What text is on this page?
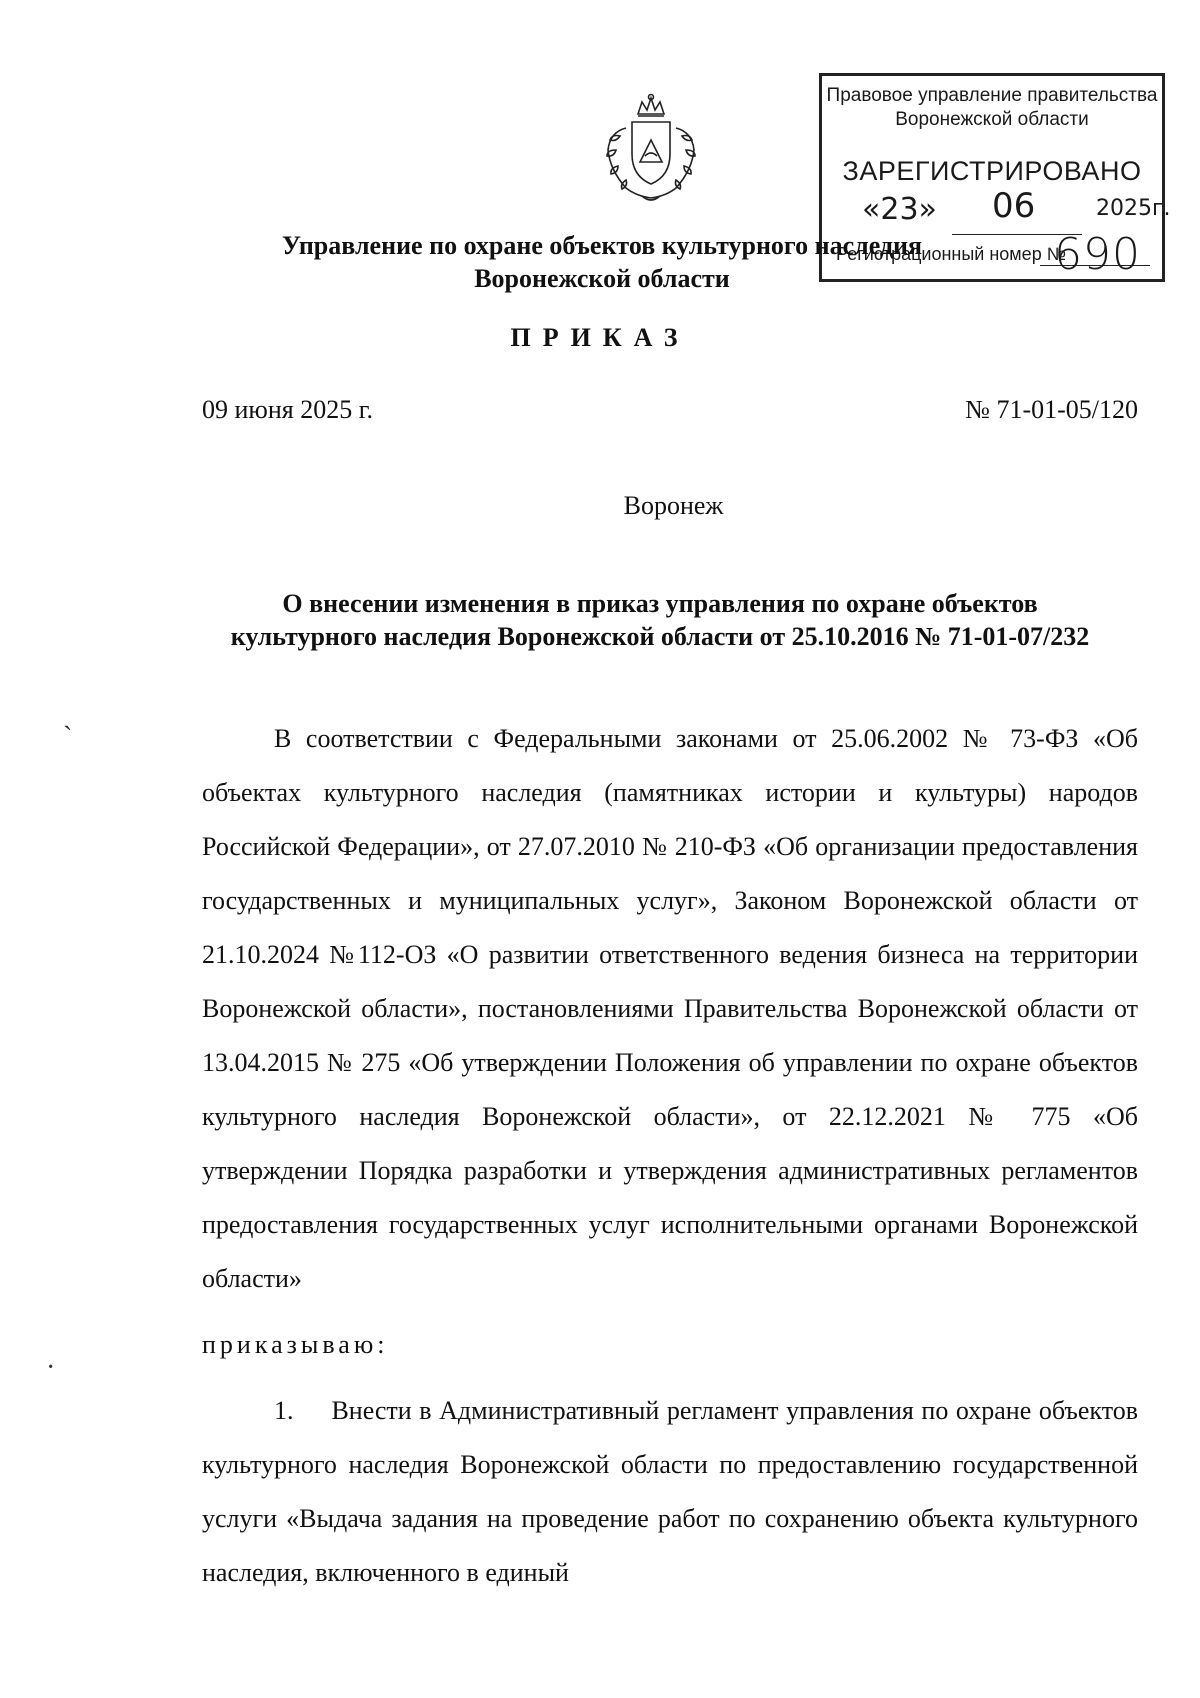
Правовое управление правительства
Воронежской области
ЗАРЕГИСТРИРОВАНО
«23» 06	2025г.
Регистрационный номер №
690
Управление по охране объектов культурного наследия
Воронежской области
ПРИКАЗ
09 июня 2025 г.	№ 71-01-05/120
Воронеж
О внесении изменения в приказ управления по охране объектов
культурного наследия Воронежской области от 25.10.2016 № 71-01-07/232
ˏ
·
В соответствии с Федеральными законами от 25.06.2002 № 73-ФЗ «Об объектах культурного наследия (памятниках истории и культуры) народов Российской Федерации», от 27.07.2010 № 210-ФЗ «Об организации предоставления государственных и муниципальных услуг», Законом Воронежской области от 21.10.2024 №112-ОЗ «О развитии ответственного ведения бизнеса на территории Воронежской области», постановлениями Правительства Воронежской области от 13.04.2015 № 275 «Об утверждении Положения об управлении по охране объектов культурного наследия Воронежской области», от 22.12.2021 № 775 «Об утверждении Порядка разработки и утверждения административных регламентов предоставления государственных услуг исполнительными органами Воронежской области»
приказываю:
1. Внести в Административный регламент управления по охране объектов культурного наследия Воронежской области по предоставлению государственной услуги «Выдача задания на проведение работ по сохранению объекта культурного наследия, включенного в единый
